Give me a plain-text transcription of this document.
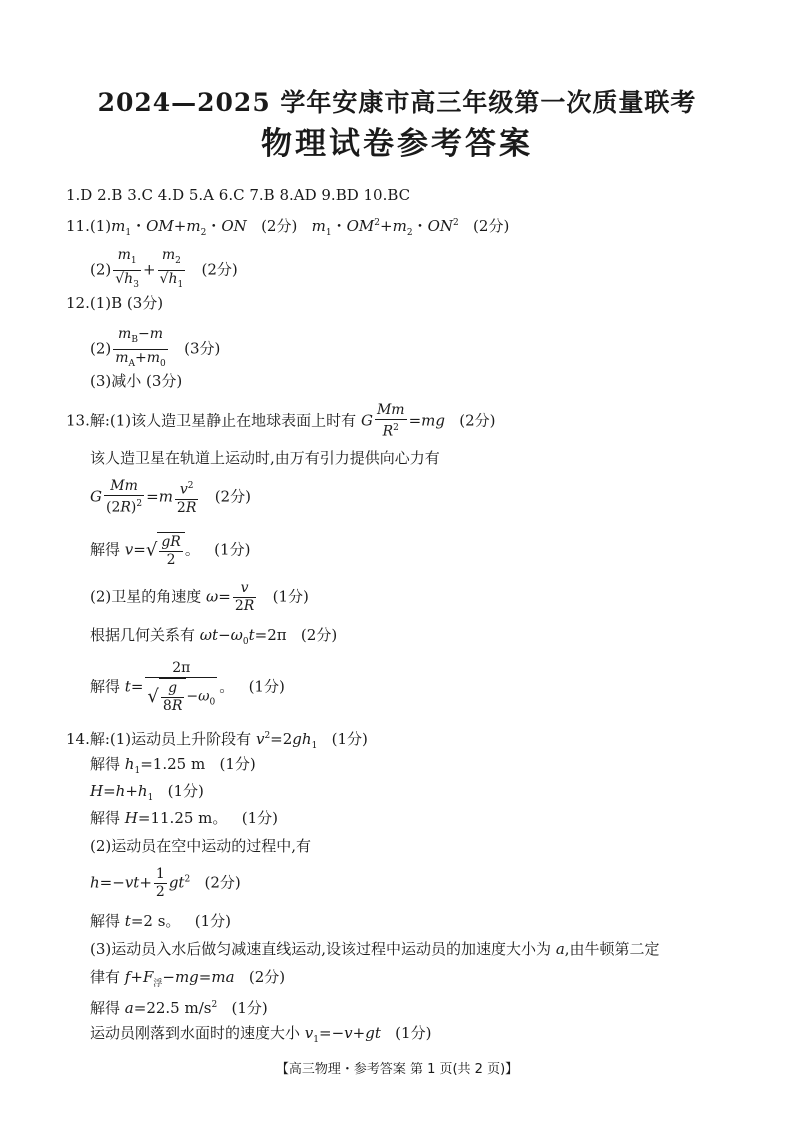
2024—2025 学年安康市高三年级第一次质量联考
物理试卷参考答案
1.D 2.B 3.C 4.D 5.A 6.C 7.B 8.AD 9.BD 10.BC
$11.(1)m_1$・$OM+m_2$・ON (2分) $m_1$・$OM^2+m_2$・$ON^2$ (2分)
$(2) \frac{m_1}{√h_3} + \frac{m_2}{√h_1} (2$分)
12.(1)B (3分)
$(2) \frac{m_B-m}{m_A+m_0} (3$分)
(3)减小 (3分)
13.解:(1)该人造卫星静止在地球表面上时有 G $\frac{Mm}{R^2} =mg$ (2分)
该人造卫星在轨道上运动时,由万有引力提供向心力有
G $\frac{Mm}{(2R)^2} =m \frac{v^2}{2R} (2$分)
解得 $v=√ \frac{gR}{2}$ 。   (1分)
(2)卫星的角速度 $\omega= \frac{v}{2R} (1$分)
根据几何关系有 $\omega t-\omega_0t=2\pi$   (2分)
解得 $t= \frac{2\pi}{√ \frac{g}{8R} -\omega_0}$ 。   (1分)
14.解:(1)运动员上升阶段有 $v^2=2gh_1$ (1分)
解得 $h_1=1.25$ m (1分)
$H=h+h_1$ (1分)
解得 H=11.25 m。 (1分)
(2)运动员在空中运动的过程中,有
$h=-vt+ \frac{1}{2} gt^2$ (2分)
解得 t=2 s。 (1分)
(3)运动员入水后做匀减速直线运动,设该过程中运动员的加速度大小为 a,由牛顿第二定
律有 $f+F_浮-mg=ma$ (2分)
解得 a=22.5 $m/s^2$ (1分)
运动员刚落到水面时的速度大小 $v_1=-v+gt$ (1分)
【高三物理・参考答案 第 1 页(共 2 页)】
